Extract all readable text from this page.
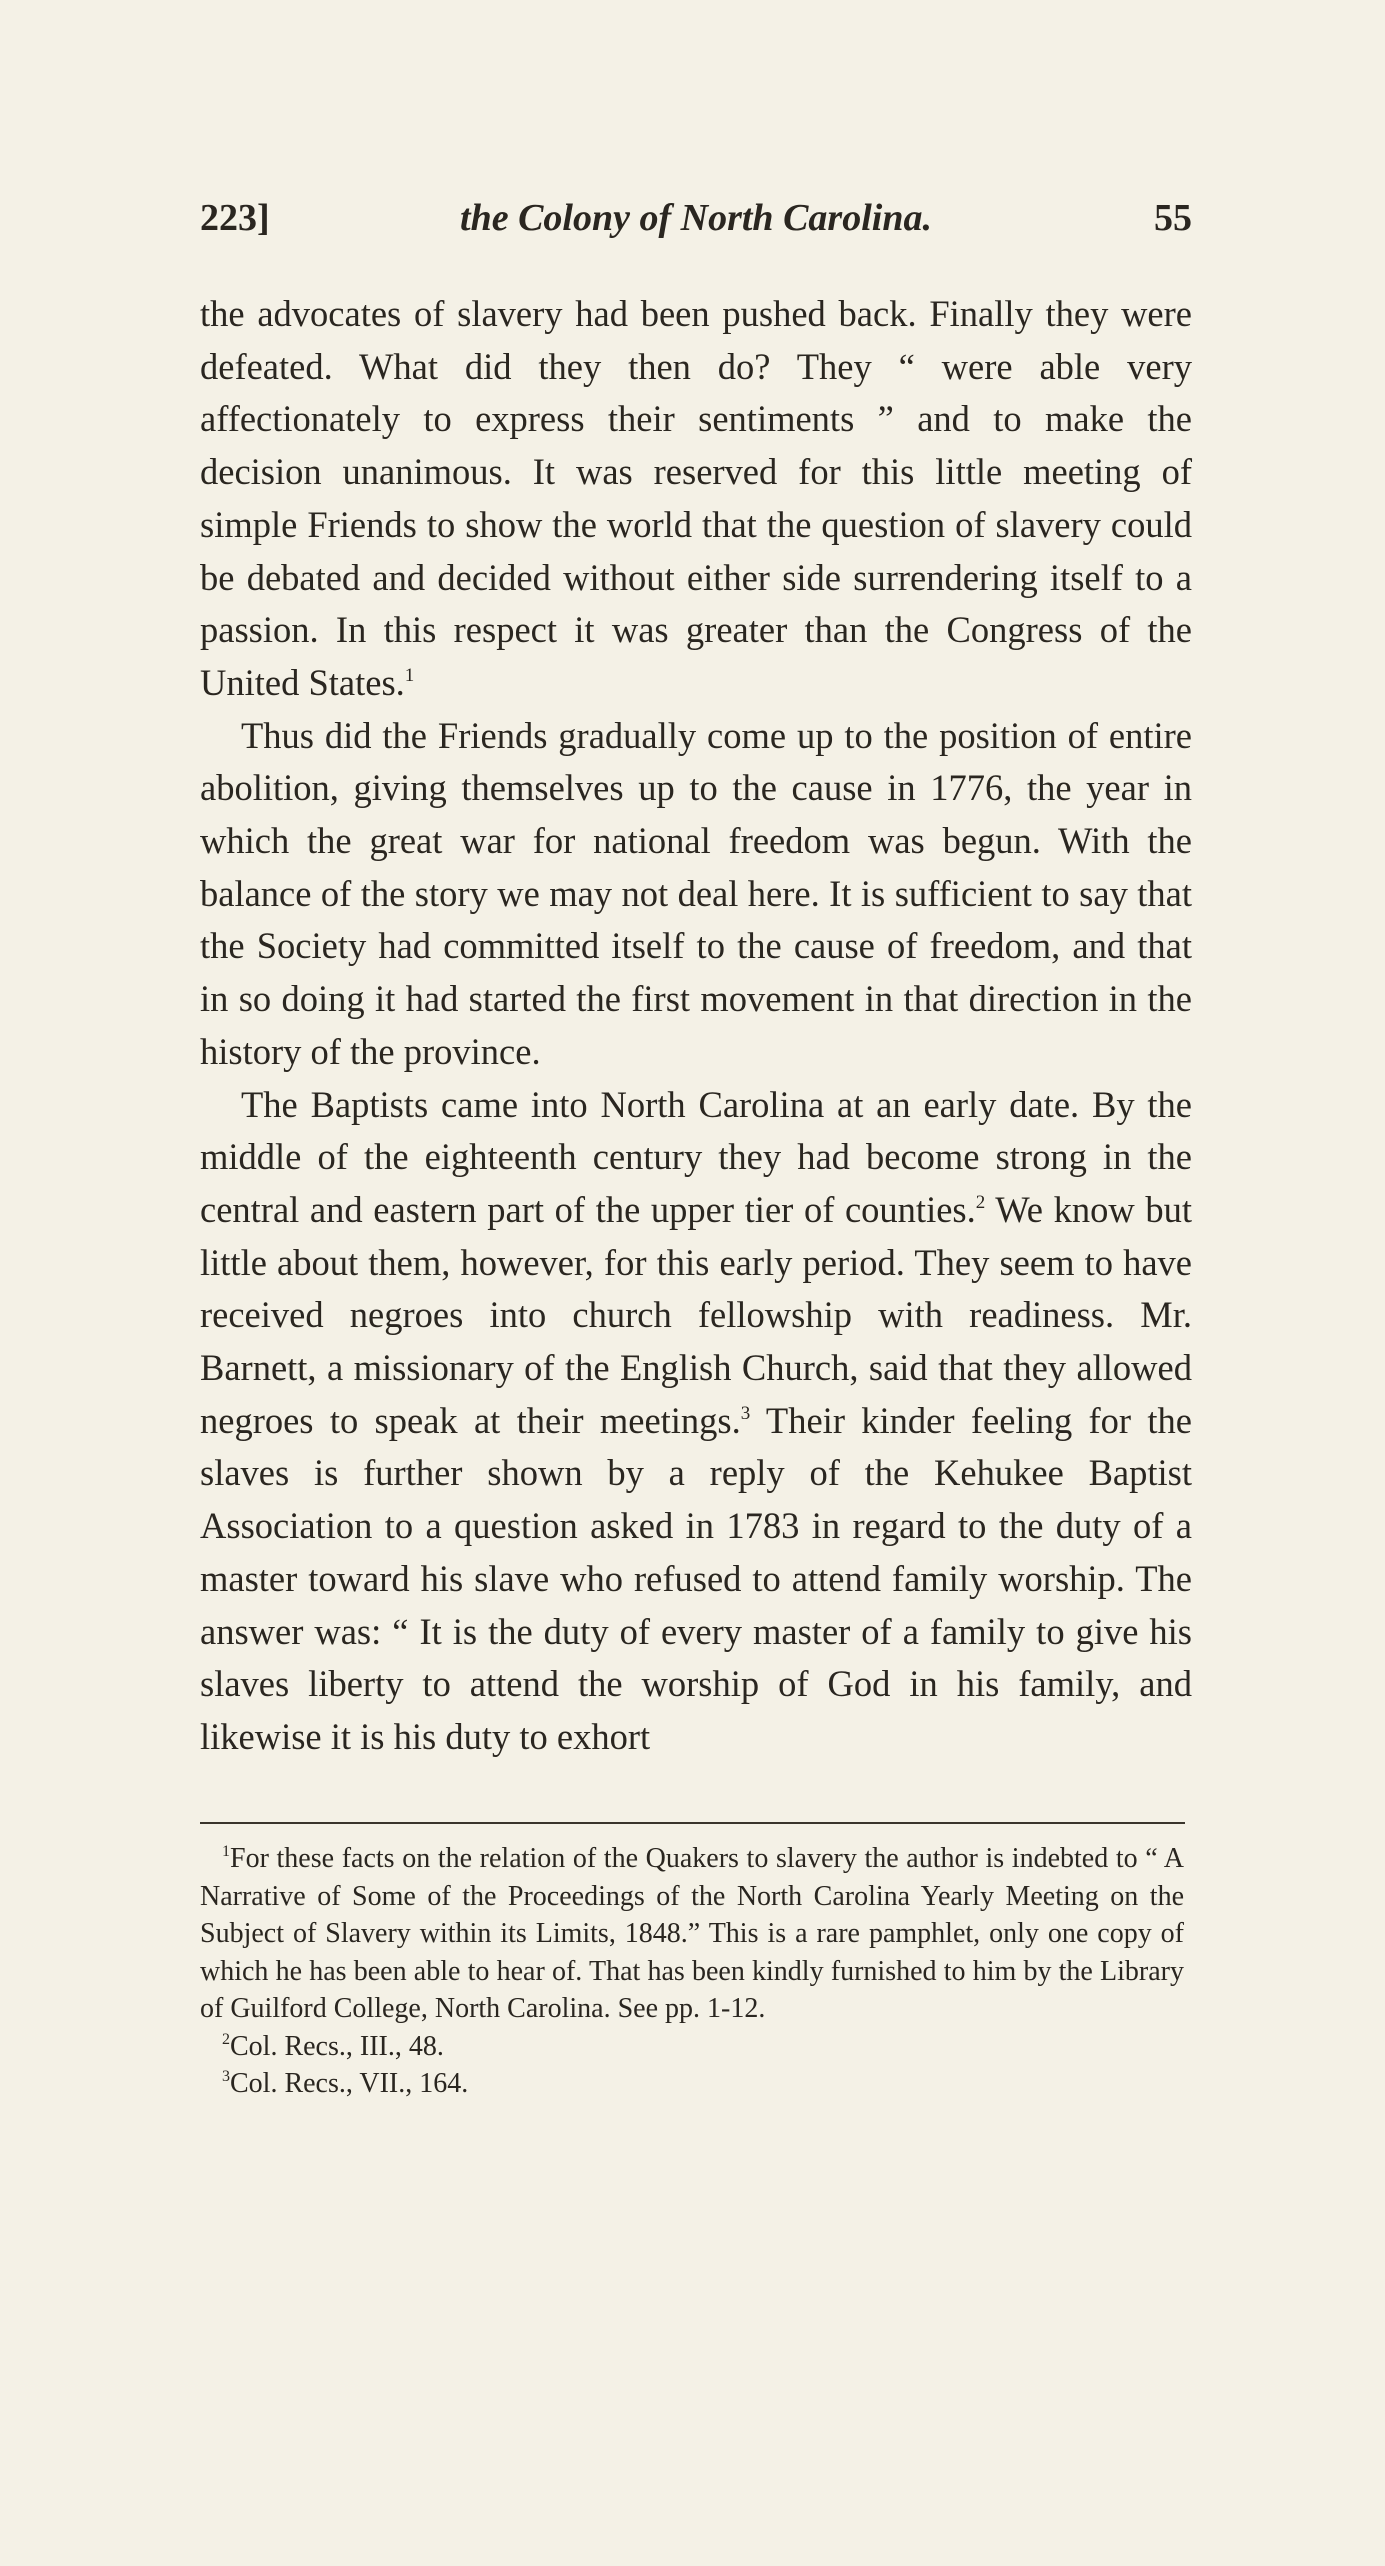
223]	the Colony of North Carolina.	55

the advocates of slavery had been pushed back. Finally they were defeated. What did they then do? They “ were able very affectionately to express their sentiments ” and to make the decision unanimous. It was reserved for this little meeting of simple Friends to show the world that the question of slavery could be debated and decided without either side surrendering itself to a passion. In this respect it was greater than the Congress of the United States.$^1$

Thus did the Friends gradually come up to the position of entire abolition, giving themselves up to the cause in 1776, the year in which the great war for national freedom was begun. With the balance of the story we may not deal here. It is sufficient to say that the Society had committed itself to the cause of freedom, and that in so doing it had started the first movement in that direction in the history of the province.

The Baptists came into North Carolina at an early date. By the middle of the eighteenth century they had become strong in the central and eastern part of the upper tier of counties.$^2$ We know but little about them, however, for this early period. They seem to have received negroes into church fellowship with readiness. Mr. Barnett, a missionary of the English Church, said that they allowed negroes to speak at their meetings.$^3$ Their kinder feeling for the slaves is further shown by a reply of the Kehukee Baptist Association to a question asked in 1783 in regard to the duty of a master toward his slave who refused to attend family worship. The answer was: “ It is the duty of every master of a family to give his slaves liberty to attend the worship of God in his family, and likewise it is his duty to exhort

$^1$For these facts on the relation of the Quakers to slavery the author is indebted to “ A Narrative of Some of the Proceedings of the North Carolina Yearly Meeting on the Subject of Slavery within its Limits, 1848.” This is a rare pamphlet, only one copy of which he has been able to hear of. That has been kindly furnished to him by the Library of Guilford College, North Carolina. See pp. 1-12.

$^2$Col. Recs., III., 48.

$^3$Col. Recs., VII., 164.
